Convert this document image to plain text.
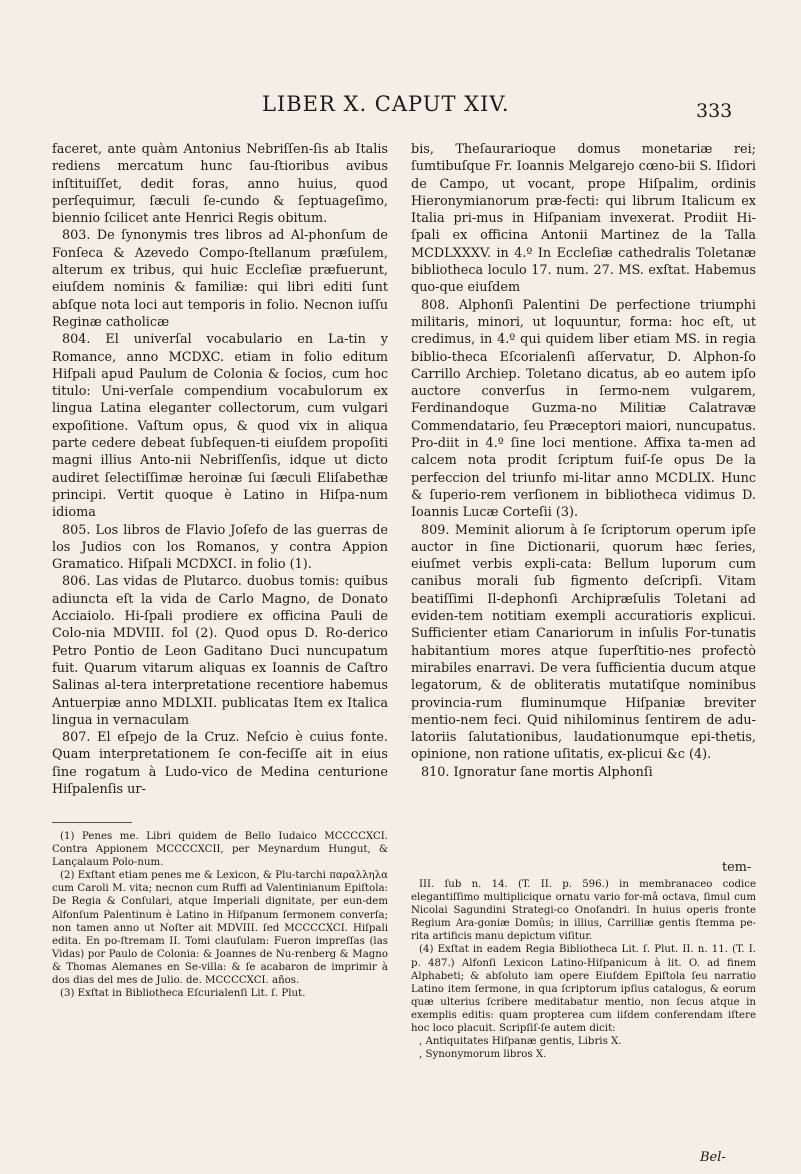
LIBER X. CAPUT XIV.	333

faceret, ante quàm Antonius Nebriſſen-ſis ab Italis rediens mercatum hunc ſau-ſtioribus avibus inſtituiſſet, dedit foras, anno huius, quod perſequimur, ſæculi ſe-cundo & ſeptuageſimo, biennio ſcilicet ante Henrici Regis obitum.

803. De ſynonymis tres libros ad Al-phonſum de Fonſeca & Azevedo Compo-ſtellanum præſulem, alterum ex tribus, qui huic Eccleſiæ præfuerunt, eiuſdem nominis & familiæ: qui libri editi ſunt abſque nota loci aut temporis in folio. Necnon iuſſu Reginæ catholicæ

804. El univerſal vocabulario en La-tin y Romance, anno MCDXC. etiam in folio editum Hiſpali apud Paulum de Colonia & ſocios, cum hoc titulo: Uni-verſale compendium vocabulorum ex lingua Latina eleganter collectorum, cum vulgari expoſitione. Vaſtum opus, & quod vix in aliqua parte cedere debeat ſubſequen-ti eiuſdem propoſiti magni illius Anto-nii Nebriſſenſis, idque ut dicto audiret ſelectiſſimæ heroinæ ſui ſæculi Eliſabethæ principi. Vertit quoque è Latino in Hiſpa-num idioma

805. Los libros de Flavio Joſefo de las guerras de los Judios con los Romanos, y contra Appion Gramatico. Hiſpali MCDXCI. in folio (1).

806. Las vidas de Plutarco. duobus tomis: quibus adiuncta eſt la vida de Carlo Magno, de Donato Acciaiolo. Hi-ſpali prodiere ex officina Pauli de Colo-nia MDVIII. fol (2). Quod opus D. Ro-derico Petro Pontio de Leon Gaditano Duci nuncupatum fuit. Quarum vitarum aliquas ex Ioannis de Caſtro Salinas al-tera interpretatione recentiore habemus Antuerpiæ anno MDLXII. publicatas Item ex Italica lingua in vernaculam

807. El eſpejo de la Cruz. Neſcio è cuius fonte. Quam interpretationem ſe con-feciſſe ait in eius ſine rogatum à Ludo-vico de Medina centurione Hiſpalenſis ur-

bis, Theſaurarioque domus monetariæ rei; ſumtibuſque Fr. Ioannis Melgarejo cœno-bii S. Iſidori de Campo, ut vocant, prope Hiſpalim, ordinis Hieronymianorum præ-fecti: qui librum Italicum ex Italia pri-mus in Hiſpaniam invexerat. Prodiit Hi-ſpali ex officina Antonii Martinez de la Talla MCDLXXXV. in 4.º In Eccleſiæ cathedralis Toletanæ bibliotheca loculo 17. num. 27. MS. exſtat. Habemus quo-que eiuſdem

808. Alphonſi Palentini De perfectione triumphi militaris, minori, ut loquuntur, forma: hoc eſt, ut credimus, in 4.º qui quidem liber etiam MS. in regia biblio-theca Eſcorialenſi aſſervatur, D. Alphon-ſo Carrillo Archiep. Toletano dicatus, ab eo autem ipſo auctore converſus in ſermo-nem vulgarem, Ferdinandoque Guzma-no Militiæ Calatravæ Commendatario, ſeu Præceptori maiori, nuncupatus. Pro-diit in 4.º ſine loci mentione. Affixa ta-men ad calcem nota prodit ſcriptum fuiſ-ſe opus De la perfeccion del triunfo mi-litar anno MCDLIX. Hunc & ſuperio-rem verſionem in bibliotheca vidimus D. Ioannis Lucæ Corteſii (3).

809. Meminit aliorum à ſe ſcriptorum operum ipſe auctor in ſine Dictionarii, quorum hæc ſeries, eiuſmet verbis expli-cata: Bellum luporum cum canibus morali ſub figmento deſcripſi. Vitam beatiſſimi Il-dephonſi Archipræſulis Toletani ad eviden-tem notitiam exempli accuratioris explicui. Sufficienter etiam Canariorum in inſulis For-tunatis habitantium mores atque ſuperſtitio-nes profectò mirabiles enarravi. De vera ſufficientia ducum atque legatorum, & de obliteratis mutatiſque nominibus provincia-rum fluminumque Hiſpaniæ breviter mentio-nem feci. Quid nihilominus ſentirem de adu-latoriis ſalutationibus, laudationumque epi-thetis, opinione, non ratione uſitatis, ex-plicui &c (4).

810. Ignoratur ſane mortis Alphonſi

tem-

(1) Penes me. Libri quidem de Bello Iudaico MCCCCXCI. Contra Appionem MCCCCXCII, per Meynardum Hungut, & Lançalaum Polo-num.

(2) Exſtant etiam penes me & Lexicon, & Plu-tarchi παραλληλα cum Caroli M. vita; necnon cum Ruffi ad Valentinianum Epiſtola: De Regia & Conſulari, atque Imperiali dignitate, per eun-dem Alfonſum Palentinum è Latino in Hiſpanum ſermonem converſa; non tamen anno ut Noſter ait MDVIII. ſed MCCCCXCI. Hiſpali edita. En po-ſtremam II. Tomi clauſulam: Fueron impreſſas (las Vidas) por Paulo de Colonia: & Joannes de Nu-renberg & Magno & Thomas Alemanes en Se-villa: & ſe acabaron de imprimir à dos dias del mes de Julio. de. MCCCCXCI. años.

(3) Exſtat in Bibliotheca Eſcurialenſi Lit. ſ. Plut.

III. ſub n. 14. (T. II. p. 596.) in membranaceo codice elegantiſſimo multiplicique ornatu vario for-mâ octava, ſimul cum Nicolai Sagundini Strategi-co Onoſandri. In huius operis fronte Regium Ara-goniæ Domûs; in illius, Carrilliæ gentis ſtemma pe-rita artificis manu depictum viſitur.

(4) Exſtat in eadem Regia Bibliotheca Lit. ſ. Plut. II. n. 11. (T. I. p. 487.) Alfonſi Lexicon Latino-Hiſpanicum à lit. O. ad finem Alphabeti; & abſoluto iam opere Eiuſdem Epiſtola ſeu narratio Latino item ſermone, in qua ſcriptorum ipſius catalogus, & eorum quæ ulterius ſcribere meditabatur mentio, non ſecus atque in exemplis editis: quam propterea cum iiſdem conferendam iſtere hoc loco placuit. Scripſiſ-ſe autem dicit:

, Antiquitates Hiſpanæ gentis, Libris X.

, Synonymorum libros X.

Bel-
